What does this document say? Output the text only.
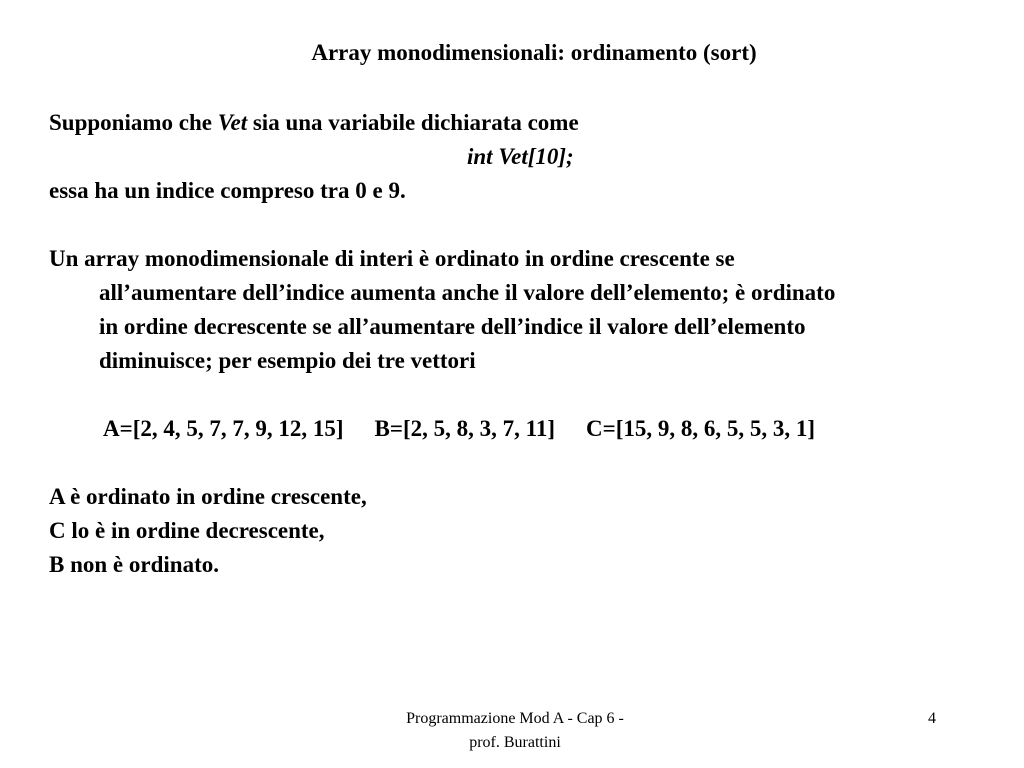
Array monodimensionali: ordinamento (sort)
Supponiamo che Vet sia una variabile dichiarata come
int Vet[10];
essa ha un indice compreso tra 0 e 9.
Un array monodimensionale di interi è ordinato in ordine crescente se
all’aumentare dell’indice aumenta anche il valore dell’elemento; è ordinato
in ordine decrescente se all’aumentare dell’indice il valore dell’elemento
diminuisce; per esempio dei tre vettori
A=[2, 4, 5, 7, 7, 9, 12, 15] B=[2, 5, 8, 3, 7, 11] C=[15, 9, 8, 6, 5, 5, 3, 1]
A è ordinato in ordine crescente,
C lo è in ordine decrescente,
B non è ordinato.
Programmazione Mod A - Cap 6 -
prof. Burattini
4
